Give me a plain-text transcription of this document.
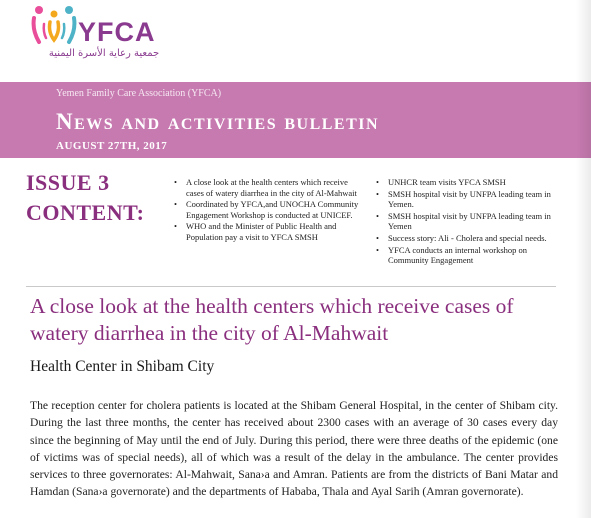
YFCA
جمعية رعاية الأسرة اليمنية
Yemen Family Care Association (YFCA)
News and activities bulletin
AUGUST 27TH, 2017
ISSUE 3
CONTENT:
• A close look at the health centers which receive cases of watery diarrhea in the city of Al-Mahwait
• Coordinated by YFCA,and UNOCHA Community Engagement Workshop is conducted at UNICEF.
• WHO and the Minister of Public Health and Population pay a visit to YFCA SMSH
• UNHCR team visits YFCA SMSH
• SMSH hospital visit by UNFPA leading team in Yemen.
• SMSH hospital visit by UNFPA leading team in Yemen
• Success story: Ali - Cholera and special needs.
• YFCA conducts an internal workshop on Community Engagement
A close look at the health centers which receive cases of watery diarrhea in the city of Al-Mahwait
Health Center in Shibam City
The reception center for cholera patients is located at the Shibam General Hospital, in the center of Shibam city. During the last three months, the center has received about 2300 cases with an average of 30 cases every day since the beginning of May until the end of July. During this period, there were three deaths of the epidemic (one of victims was of special needs), all of which was a result of the delay in the ambulance. The center provides services to three governorates: Al-Mahwait, Sana›a and Amran. Patients are from the districts of Bani Matar and Hamdan (Sana›a governorate) and the departments of Hababa, Thala and Ayal Sarih (Amran governorate).
